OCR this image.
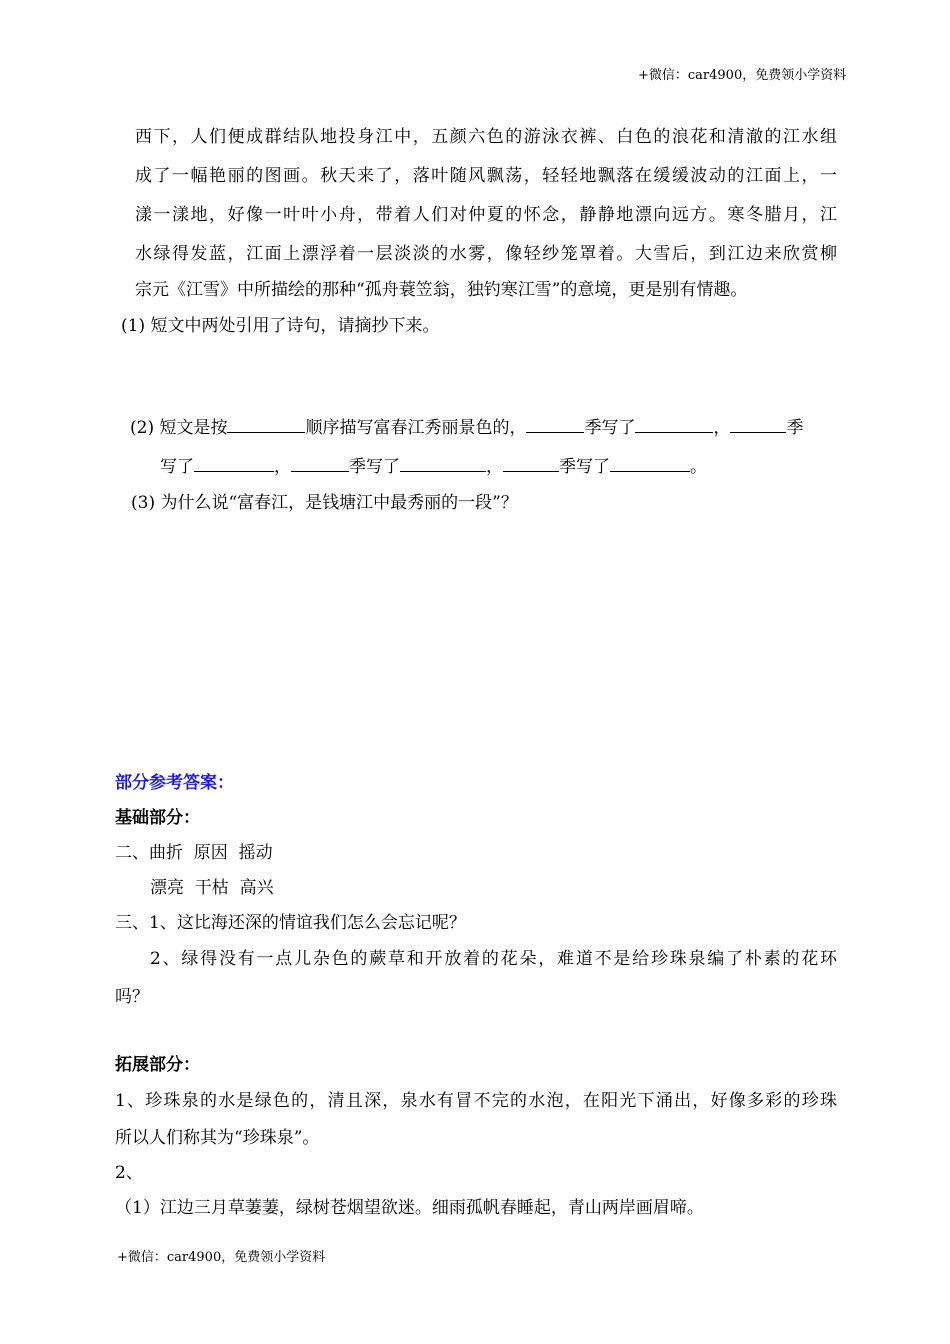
+微信：car4900，免费领小学资料
西下，人们便成群结队地投身江中，五颜六色的游泳衣裤、白色的浪花和清澈的江水组
成了一幅艳丽的图画。秋天来了，落叶随风飘荡，轻轻地飘落在缓缓波动的江面上，一
漾一漾地，好像一叶叶小舟，带着人们对仲夏的怀念，静静地漂向远方。寒冬腊月，江
水绿得发蓝，江面上漂浮着一层淡淡的水雾，像轻纱笼罩着。大雪后，到江边来欣赏柳
宗元《江雪》中所描绘的那种“孤舟蓑笠翁，独钓寒江雪”的意境，更是别有情趣。
(1) 短文中两处引用了诗句，请摘抄下来。
(2) 短文是按	顺序描写富春江秀丽景色的，	季写了	，	季
写了	，	季写了	，	季写了	。
(3) 为什么说“富春江，是钱塘江中最秀丽的一段”？
部分参考答案：
基础部分：
二、曲折  原因  摇动
漂亮  干枯  高兴
三、1、这比海还深的情谊我们怎么会忘记呢？
2、绿得没有一点儿杂色的蕨草和开放着的花朵，难道不是给珍珠泉编了朴素的花环
吗？
拓展部分：
1、珍珠泉的水是绿色的，清且深，泉水有冒不完的水泡，在阳光下涌出，好像多彩的珍珠
所以人们称其为“珍珠泉”。
2、
（1）江边三月草萋萋，绿树苍烟望欲迷。细雨孤帆春睡起，青山两岸画眉啼。
+微信：car4900，免费领小学资料
